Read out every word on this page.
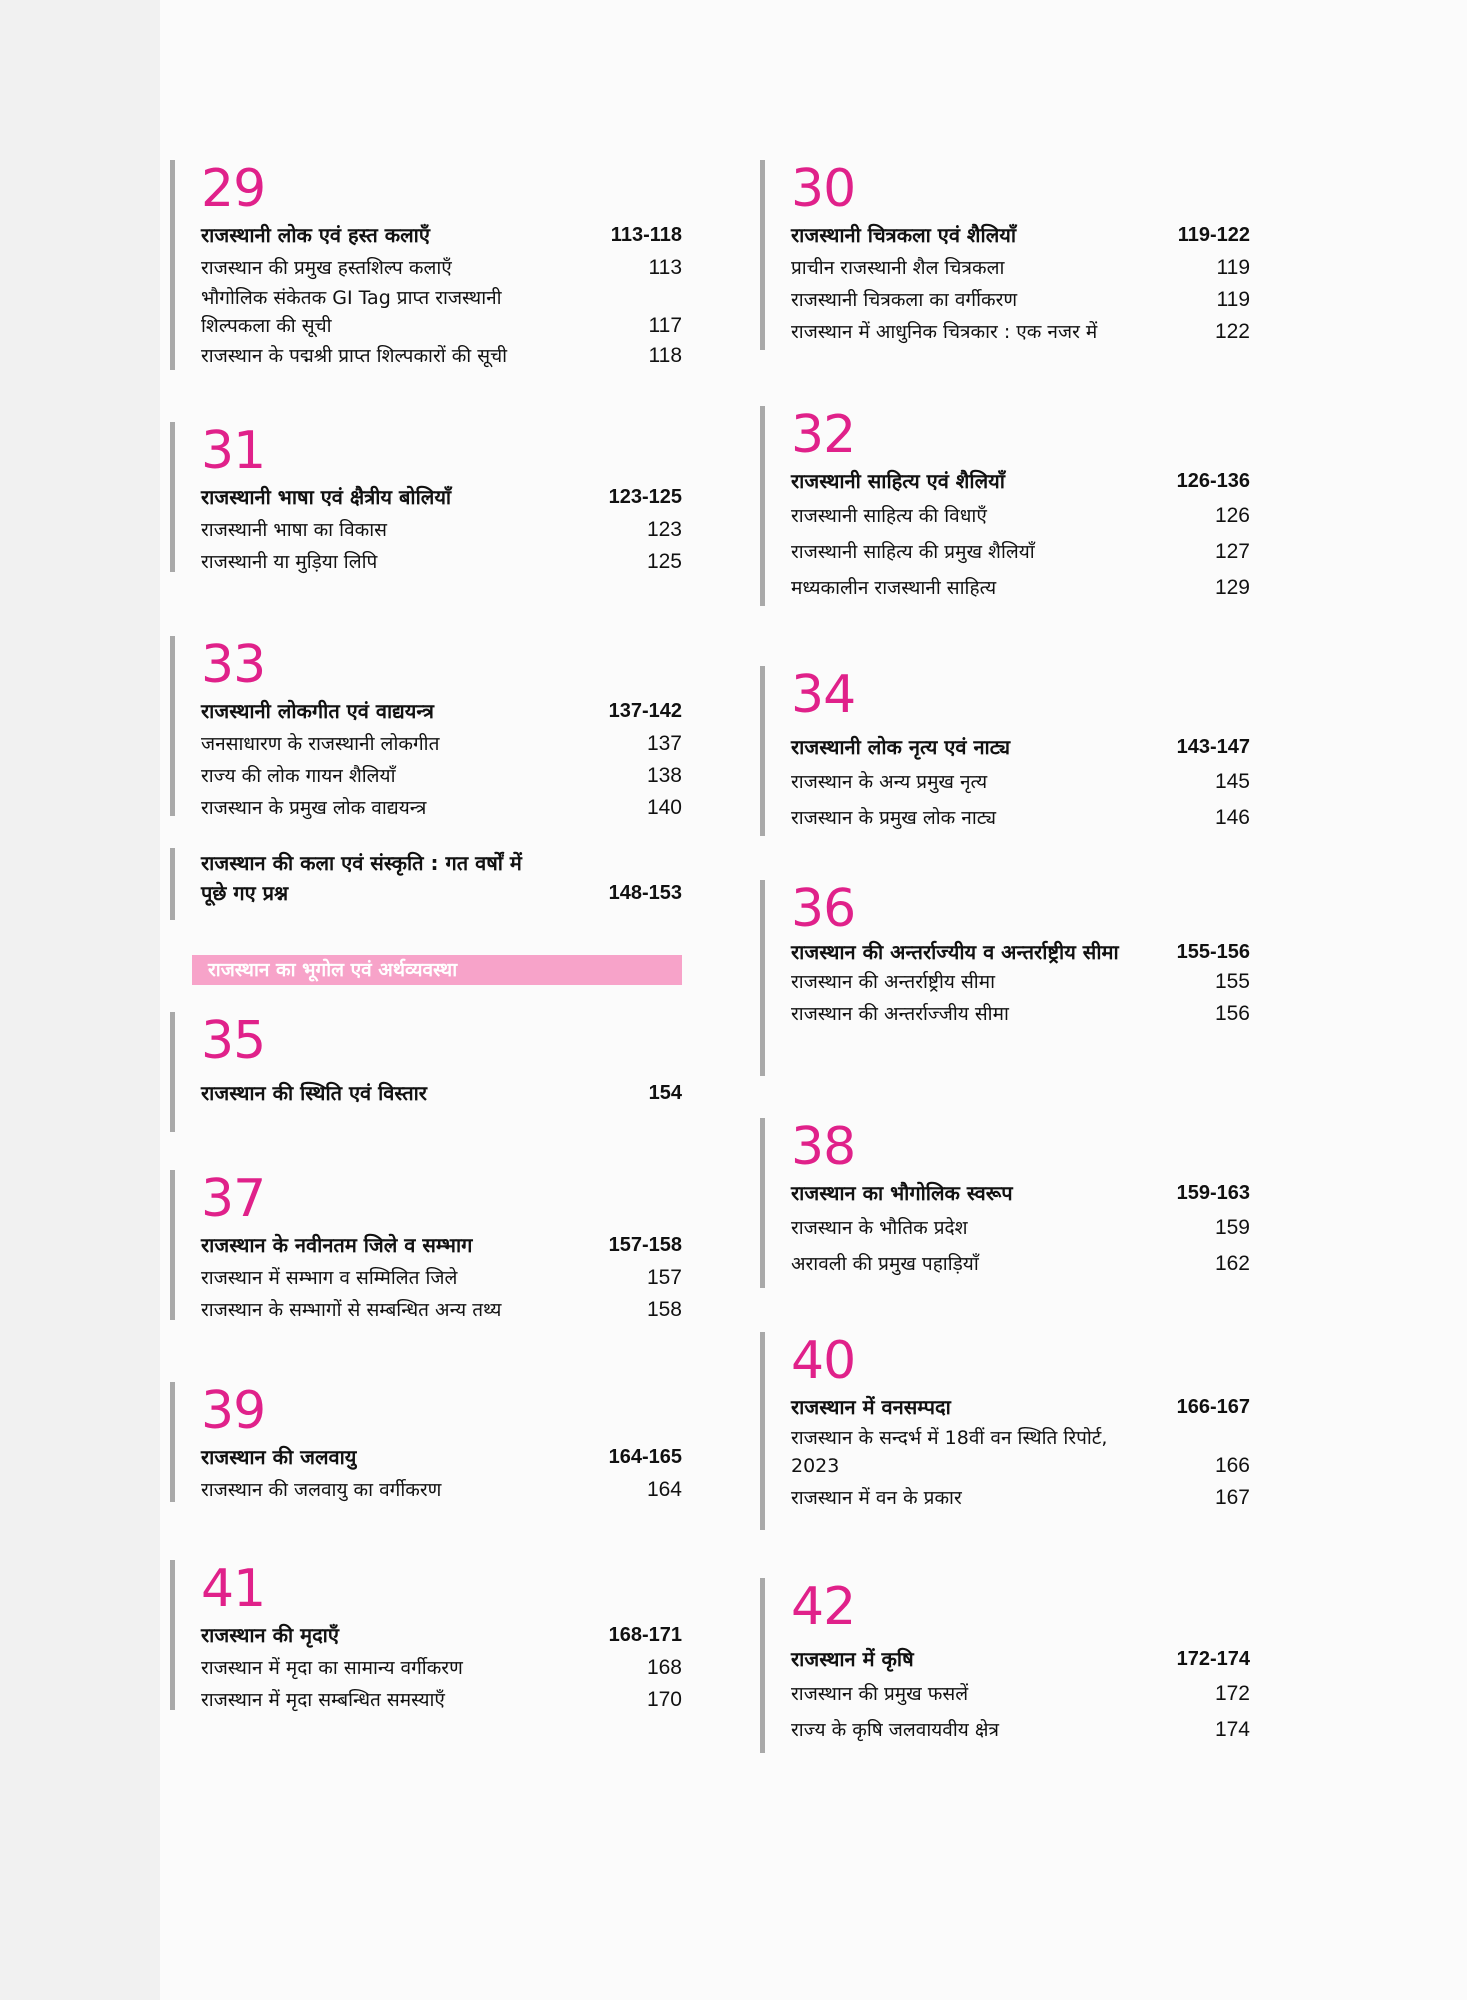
29
राजस्थानी लोक एवं हस्त कलाएँ	113-118
राजस्थान की प्रमुख हस्तशिल्प कलाएँ	113
भौगोलिक संकेतक GI Tag प्राप्त राजस्थानी शिल्पकला की सूची	117
राजस्थान के पद्मश्री प्राप्त शिल्पकारों की सूची	118
31
राजस्थानी भाषा एवं क्षैत्रीय बोलियाँ	123-125
राजस्थानी भाषा का विकास	123
राजस्थानी या मुड़िया लिपि	125
33
राजस्थानी लोकगीत एवं वाद्ययन्त्र	137-142
जनसाधारण के राजस्थानी लोकगीत	137
राज्य की लोक गायन शैलियाँ	138
राजस्थान के प्रमुख लोक वाद्ययन्त्र	140
राजस्थान की कला एवं संस्कृति : गत वर्षों में पूछे गए प्रश्न	148-153
राजस्थान का भूगोल एवं अर्थव्यवस्था
35
राजस्थान की स्थिति एवं विस्तार	154
37
राजस्थान के नवीनतम जिले व सम्भाग	157-158
राजस्थान में सम्भाग व सम्मिलित जिले	157
राजस्थान के सम्भागों से सम्बन्धित अन्य तथ्य	158
39
राजस्थान की जलवायु	164-165
राजस्थान की जलवायु का वर्गीकरण	164
41
राजस्थान की मृदाएँ	168-171
राजस्थान में मृदा का सामान्य वर्गीकरण	168
राजस्थान में मृदा सम्बन्धित समस्याएँ	170
30
राजस्थानी चित्रकला एवं शैलियाँ	119-122
प्राचीन राजस्थानी शैल चित्रकला	119
राजस्थानी चित्रकला का वर्गीकरण	119
राजस्थान में आधुनिक चित्रकार : एक नजर में	122
32
राजस्थानी साहित्य एवं शैलियाँ	126-136
राजस्थानी साहित्य की विधाएँ	126
राजस्थानी साहित्य की प्रमुख शैलियाँ	127
मध्यकालीन राजस्थानी साहित्य	129
34
राजस्थानी लोक नृत्य एवं नाट्य	143-147
राजस्थान के अन्य प्रमुख नृत्य	145
राजस्थान के प्रमुख लोक नाट्य	146
36
राजस्थान की अन्तर्राज्यीय व अन्तर्राष्ट्रीय सीमा	155-156
राजस्थान की अन्तर्राष्ट्रीय सीमा	155
राजस्थान की अन्तर्राज्जीय सीमा	156
38
राजस्थान का भौगोलिक स्वरूप	159-163
राजस्थान के भौतिक प्रदेश	159
अरावली की प्रमुख पहाड़ियाँ	162
40
राजस्थान में वनसम्पदा	166-167
राजस्थान के सन्दर्भ में 18वीं वन स्थिति रिपोर्ट, 2023	166
राजस्थान में वन के प्रकार	167
42
राजस्थान में कृषि	172-174
राजस्थान की प्रमुख फसलें	172
राज्य के कृषि जलवायवीय क्षेत्र	174
